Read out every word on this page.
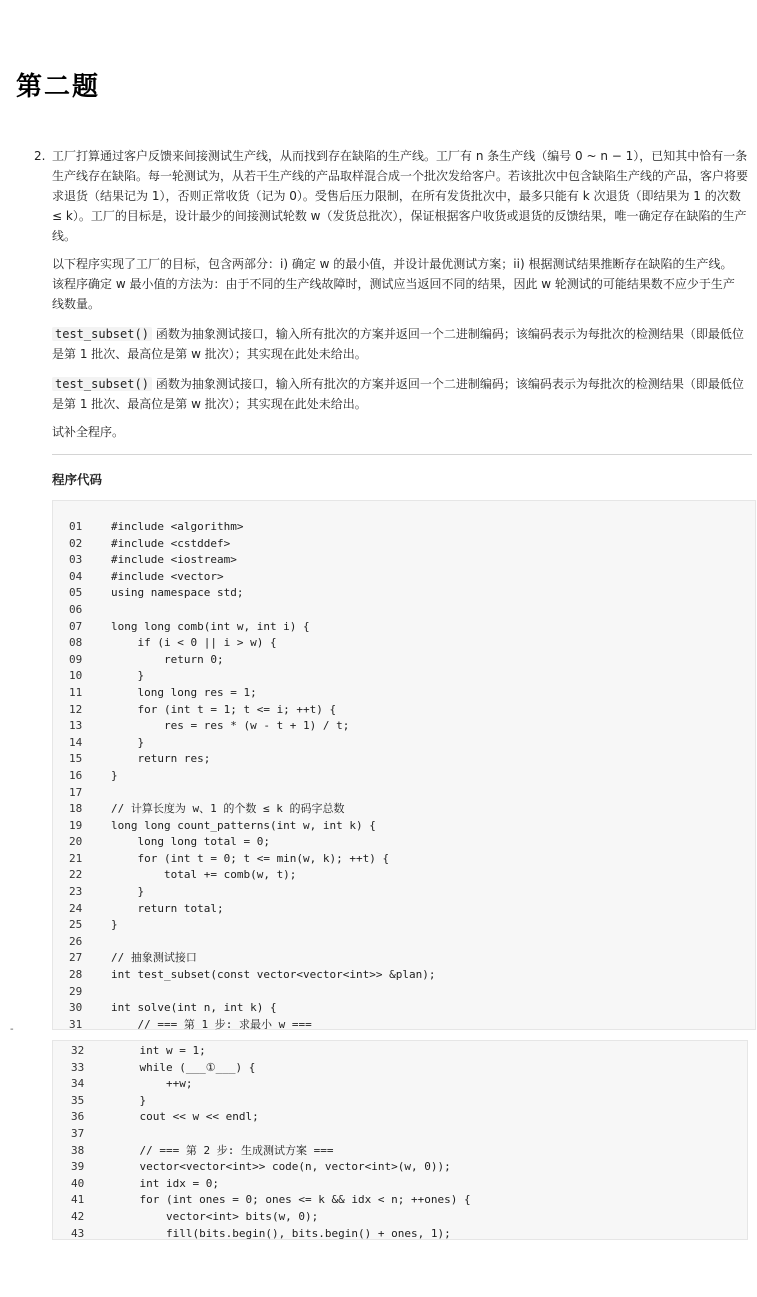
第二题
2. 工厂打算通过客户反馈来间接测试生产线，从而找到存在缺陷的生产线。工厂有 n 条生产线（编号 0 ~ n − 1），已知其中恰有一条生产线存在缺陷。每一轮测试为，从若干生产线的产品取样混合成一个批次发给客户。若该批次中包含缺陷生产线的产品，客户将要求退货（结果记为 1），否则正常收货（记为 0）。受售后压力限制，在所有发货批次中，最多只能有 k 次退货（即结果为 1 的次数 ≤ k）。工厂的目标是，设计最少的间接测试轮数 w（发货总批次），保证根据客户收货或退货的反馈结果，唯一确定存在缺陷的生产线。
以下程序实现了工厂的目标，包含两部分：i) 确定 w 的最小值，并设计最优测试方案；ii) 根据测试结果推断存在缺陷的生产线。该程序确定 w 最小值的方法为：由于不同的生产线故障时，测试应当返回不同的结果，因此 w 轮测试的可能结果数不应少于生产线数量。
test_subset() 函数为抽象测试接口，输入所有批次的方案并返回一个二进制编码；该编码表示为每批次的检测结果（即最低位是第 1 批次、最高位是第 w 批次）；其实现在此处未给出。
test_subset() 函数为抽象测试接口，输入所有批次的方案并返回一个二进制编码；该编码表示为每批次的检测结果（即最低位是第 1 批次、最高位是第 w 批次）；其实现在此处未给出。
试补全程序。
程序代码
01	#include <algorithm>
02	#include <cstddef>
03	#include <iostream>
04	#include <vector>
05	using namespace std;
06
07	long long comb(int w, int i) {
08	if (i < 0 || i > w) {
09	return 0;
10	}
11	long long res = 1;
12	for (int t = 1; t <= i; ++t) {
13	res = res * (w - t + 1) / t;
14	}
15	return res;
16	}
17
18	// 计算长度为 w、1 的个数 ≤ k 的码字总数
19	long long count_patterns(int w, int k) {
20	long long total = 0;
21	for (int t = 0; t <= min(w, k); ++t) {
22	total += comb(w, t);
23	}
24	return total;
25	}
26
27	// 抽象测试接口
28	int test_subset(const vector<vector<int>> &plan);
29
30	int solve(int n, int k) {
31	// === 第 1 步: 求最小 w ===
-
32	int w = 1;
33	while (___①___) {
34	++w;
35	}
36	cout << w << endl;
37
38	// === 第 2 步: 生成测试方案 ===
39	vector<vector<int>> code(n, vector<int>(w, 0));
40	int idx = 0;
41	for (int ones = 0; ones <= k && idx < n; ++ones) {
42	vector<int> bits(w, 0);
43	fill(bits.begin(), bits.begin() + ones, 1);
